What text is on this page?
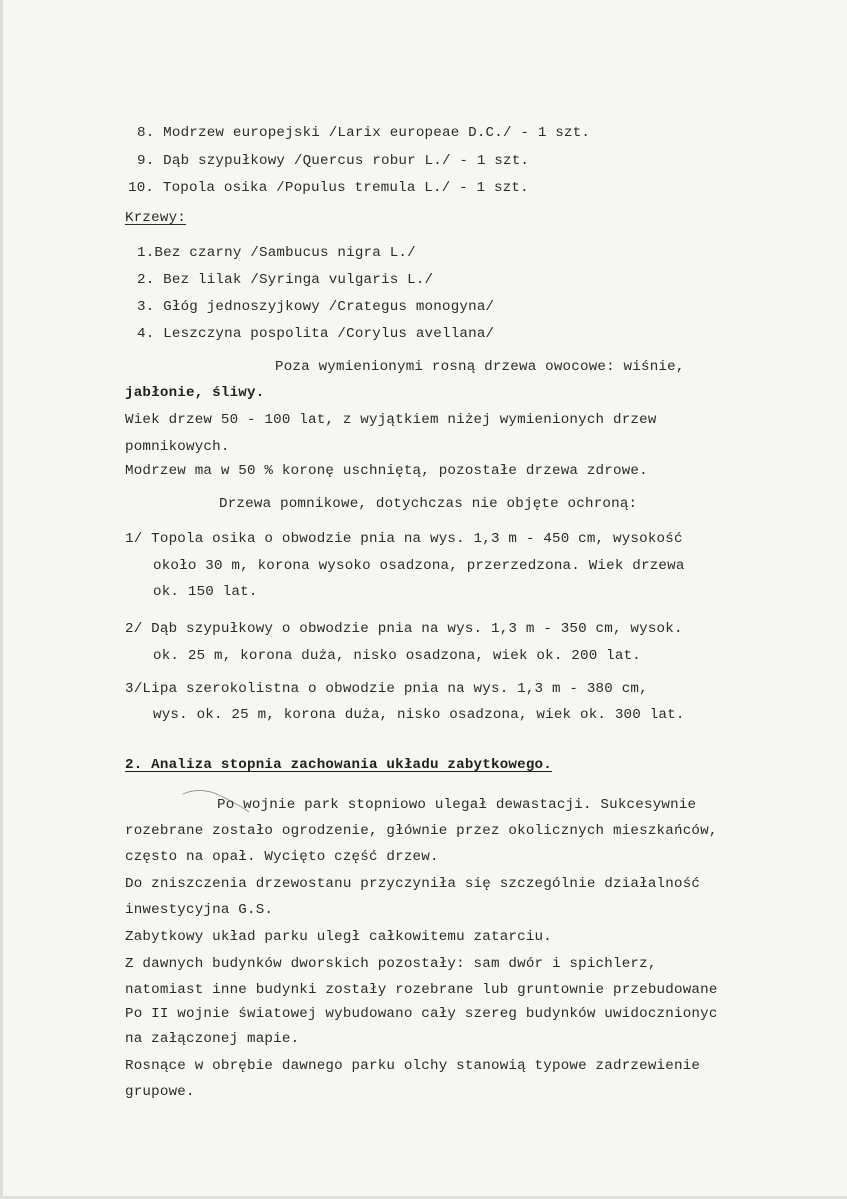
8. Modrzew europejski /Larix europeae D.C./ - 1 szt.
9. Dąb szypułkowy /Quercus robur L./ - 1 szt.
10. Topola osika /Populus tremula L./ - 1 szt.
Krzewy:
1.Bez czarny /Sambucus nigra L./
2. Bez lilak /Syringa vulgaris L./
3. Głóg jednoszyjkowy /Crategus monogyna/
4. Leszczyna pospolita /Corylus avellana/
Poza wymienionymi rosną drzewa owocowe: wiśnie,
jabłonie, śliwy.
Wiek drzew 50 - 100 lat, z wyjątkiem niżej wymienionych drzew
pomnikowych.
Modrzew ma w 50 % koronę uschniętą, pozostałe drzewa zdrowe.
Drzewa pomnikowe, dotychczas nie objęte ochroną:
1/ Topola osika o obwodzie pnia na wys. 1,3 m - 450 cm, wysokość
około 30 m, korona wysoko osadzona, przerzedzona. Wiek drzewa
ok. 150 lat.
2/ Dąb szypułkowy o obwodzie pnia na wys. 1,3 m - 350 cm, wysok.
ok. 25 m, korona duża, nisko osadzona, wiek ok. 200 lat.
3/Lipa szerokolistna o obwodzie pnia na wys. 1,3 m - 380 cm,
wys. ok. 25 m, korona duża, nisko osadzona, wiek ok. 300 lat.
2. Analiza stopnia zachowania układu zabytkowego.
Po wojnie park stopniowo ulegał dewastacji. Sukcesywnie
rozebrane zostało ogrodzenie, głównie przez okolicznych mieszkańców,
często na opał. Wycięto część drzew.
Do zniszczenia drzewostanu przyczyniła się szczególnie działalność
inwestycyjna G.S.
Zabytkowy układ parku uległ całkowitemu zatarciu.
Z dawnych budynków dworskich pozostały: sam dwór i spichlerz,
natomiast inne budynki zostały rozebrane lub gruntownie przebudowane
Po II wojnie światowej wybudowano cały szereg budynków uwidocznionyc
na załączonej mapie.
Rosnące w obrębie dawnego parku olchy stanowią typowe zadrzewienie
grupowe.
